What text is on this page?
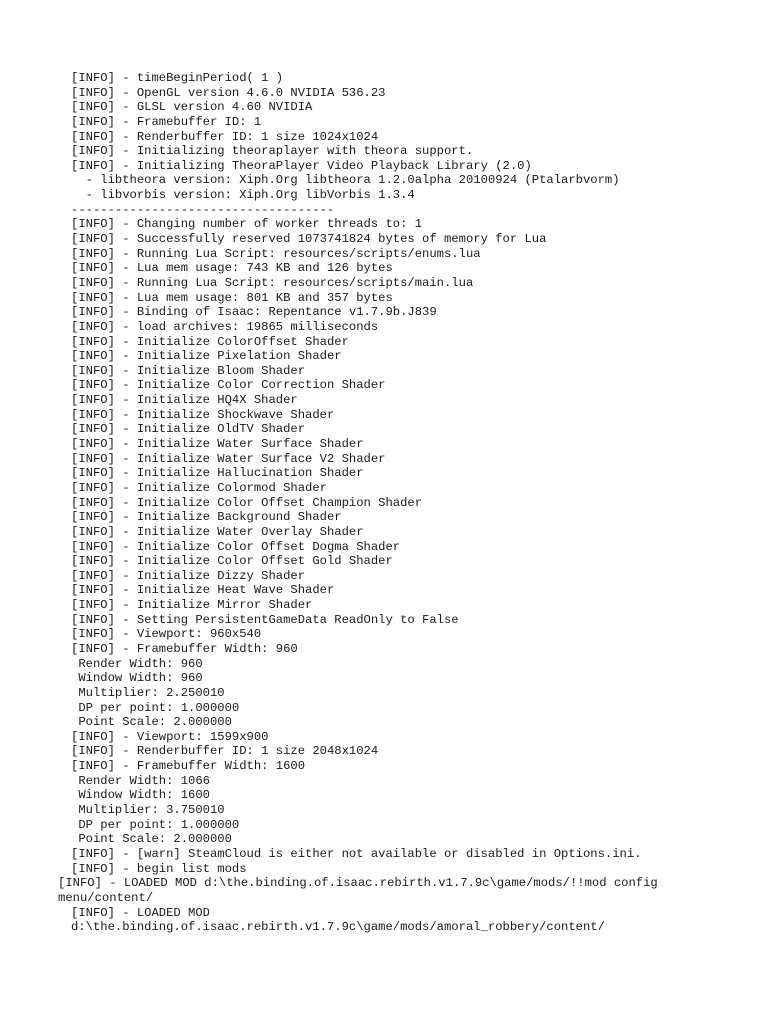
[INFO] - timeBeginPeriod( 1 )
[INFO] - OpenGL version 4.6.0 NVIDIA 536.23
[INFO] - GLSL version 4.60 NVIDIA
[INFO] - Framebuffer ID: 1
[INFO] - Renderbuffer ID: 1 size 1024x1024
[INFO] - Initializing theoraplayer with theora support.
[INFO] - Initializing TheoraPlayer Video Playback Library (2.0)
- libtheora version: Xiph.Org libtheora 1.2.0alpha 20100924 (Ptalarbvorm)
- libvorbis version: Xiph.Org libVorbis 1.3.4
------------------------------------
[INFO] - Changing number of worker threads to: 1
[INFO] - Successfully reserved 1073741824 bytes of memory for Lua
[INFO] - Running Lua Script: resources/scripts/enums.lua
[INFO] - Lua mem usage: 743 KB and 126 bytes
[INFO] - Running Lua Script: resources/scripts/main.lua
[INFO] - Lua mem usage: 801 KB and 357 bytes
[INFO] - Binding of Isaac: Repentance v1.7.9b.J839
[INFO] - load archives: 19865 milliseconds
[INFO] - Initialize ColorOffset Shader
[INFO] - Initialize Pixelation Shader
[INFO] - Initialize Bloom Shader
[INFO] - Initialize Color Correction Shader
[INFO] - Initialize HQ4X Shader
[INFO] - Initialize Shockwave Shader
[INFO] - Initialize OldTV Shader
[INFO] - Initialize Water Surface Shader
[INFO] - Initialize Water Surface V2 Shader
[INFO] - Initialize Hallucination Shader
[INFO] - Initialize Colormod Shader
[INFO] - Initialize Color Offset Champion Shader
[INFO] - Initialize Background Shader
[INFO] - Initialize Water Overlay Shader
[INFO] - Initialize Color Offset Dogma Shader
[INFO] - Initialize Color Offset Gold Shader
[INFO] - Initialize Dizzy Shader
[INFO] - Initialize Heat Wave Shader
[INFO] - Initialize Mirror Shader
[INFO] - Setting PersistentGameData ReadOnly to False
[INFO] - Viewport: 960x540
[INFO] - Framebuffer Width: 960
Render Width: 960
Window Width: 960
Multiplier: 2.250010
DP per point: 1.000000
Point Scale: 2.000000
[INFO] - Viewport: 1599x900
[INFO] - Renderbuffer ID: 1 size 2048x1024
[INFO] - Framebuffer Width: 1600
Render Width: 1066
Window Width: 1600
Multiplier: 3.750010
DP per point: 1.000000
Point Scale: 2.000000
[INFO] - [warn] SteamCloud is either not available or disabled in Options.ini.
[INFO] - begin list mods
[INFO] - LOADED MOD d:\the.binding.of.isaac.rebirth.v1.7.9c\game/mods/!!mod config
menu/content/
[INFO] - LOADED MOD
d:\the.binding.of.isaac.rebirth.v1.7.9c\game/mods/amoral_robbery/content/
